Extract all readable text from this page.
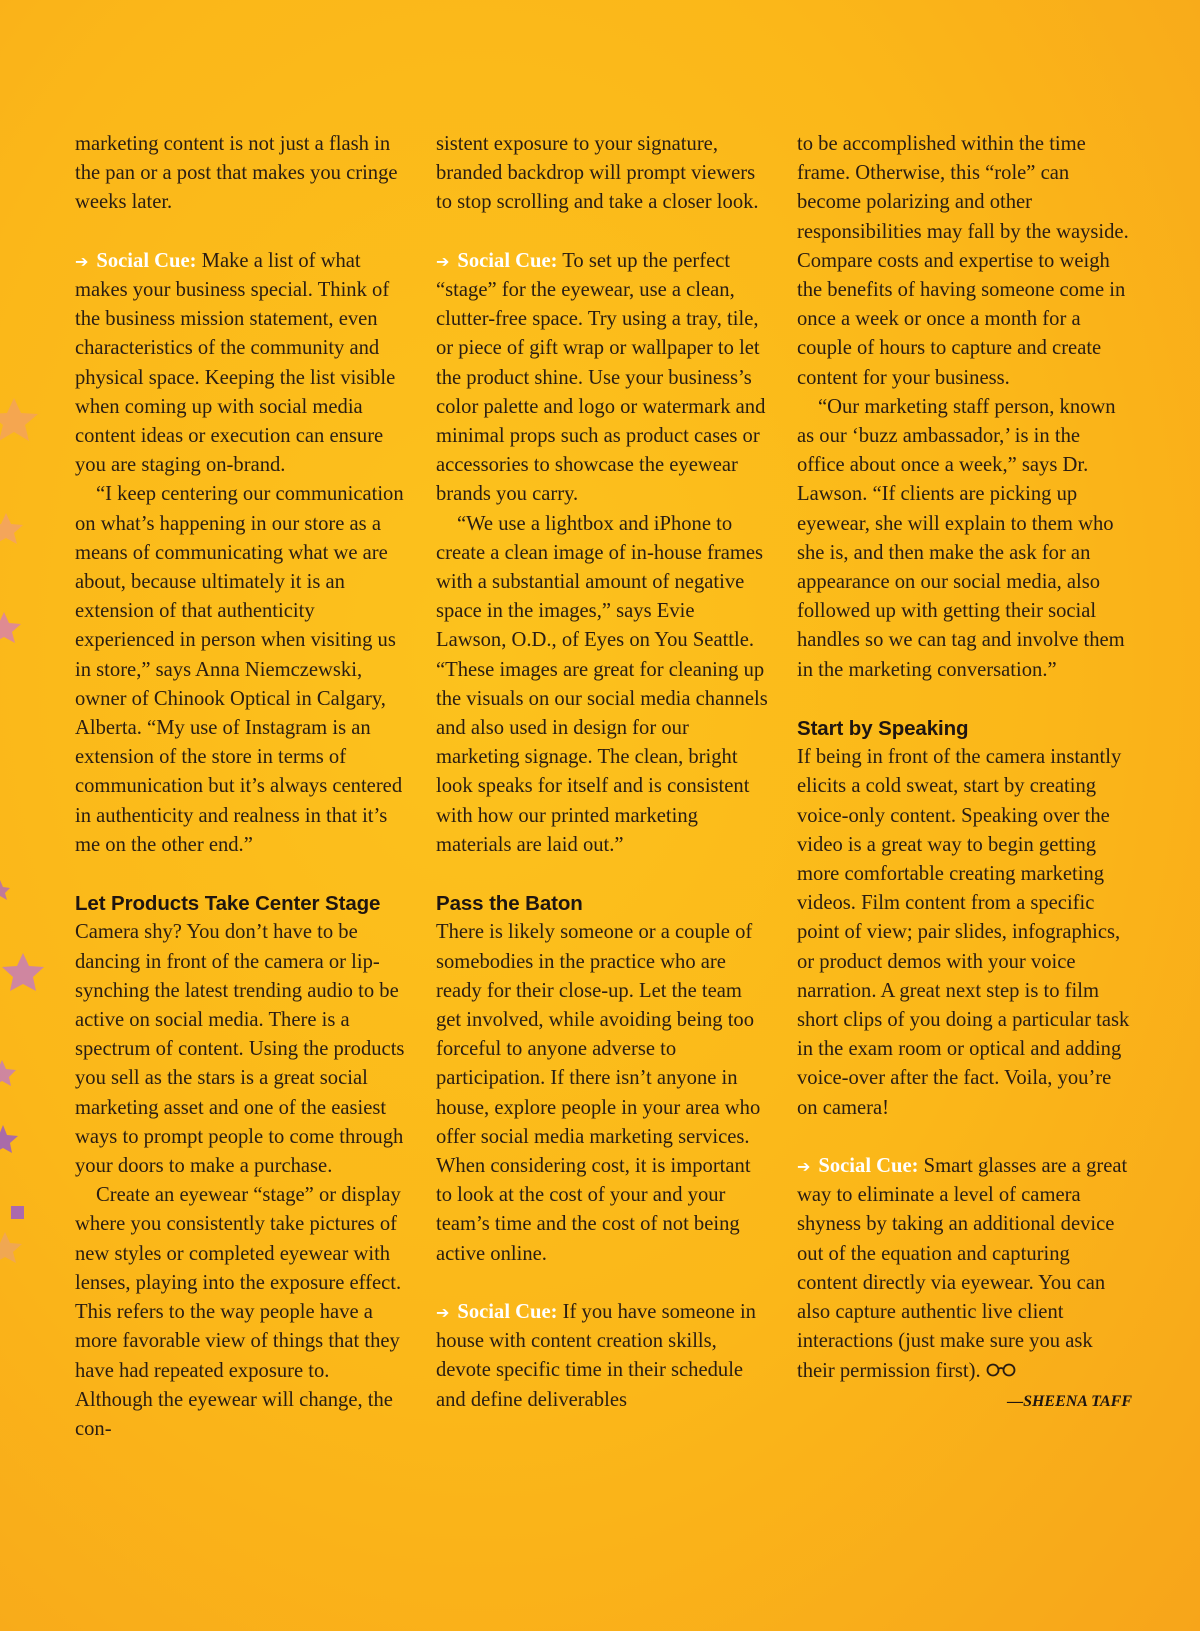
marketing content is not just a flash in the pan or a post that makes you cringe weeks later.

➔ Social Cue: Make a list of what makes your business special. Think of the business mission statement, even characteristics of the community and physical space. Keeping the list visible when coming up with social media content ideas or execution can ensure you are staging on-brand.

“I keep centering our communication on what’s happening in our store as a means of communicating what we are about, because ultimately it is an extension of that authenticity experienced in person when visiting us in store,” says Anna Niemczewski, owner of Chinook Optical in Calgary, Alberta. “My use of Instagram is an extension of the store in terms of communication but it’s always centered in authenticity and realness in that it’s me on the other end.”

Let Products Take Center Stage

Camera shy? You don’t have to be dancing in front of the camera or lip-synching the latest trending audio to be active on social media. There is a spectrum of content. Using the products you sell as the stars is a great social marketing asset and one of the easiest ways to prompt people to come through your doors to make a purchase.

Create an eyewear “stage” or display where you consistently take pictures of new styles or completed eyewear with lenses, playing into the exposure effect. This refers to the way people have a more favorable view of things that they have had repeated exposure to. Although the eyewear will change, the con-

sistent exposure to your signature, branded backdrop will prompt viewers to stop scrolling and take a closer look.

➔ Social Cue: To set up the perfect “stage” for the eyewear, use a clean, clutter-free space. Try using a tray, tile, or piece of gift wrap or wallpaper to let the product shine. Use your business’s color palette and logo or watermark and minimal props such as product cases or accessories to showcase the eyewear brands you carry.

“We use a lightbox and iPhone to create a clean image of in-house frames with a substantial amount of negative space in the images,” says Evie Lawson, O.D., of Eyes on You Seattle. “These images are great for cleaning up the visuals on our social media channels and also used in design for our marketing signage. The clean, bright look speaks for itself and is consistent with how our printed marketing materials are laid out.”

Pass the Baton

There is likely someone or a couple of somebodies in the practice who are ready for their close-up. Let the team get involved, while avoiding being too forceful to anyone adverse to participation. If there isn’t anyone in house, explore people in your area who offer social media marketing services. When considering cost, it is important to look at the cost of your and your team’s time and the cost of not being active online.

➔ Social Cue: If you have someone in house with content creation skills, devote specific time in their schedule and define deliverables

to be accomplished within the time frame. Otherwise, this “role” can become polarizing and other responsibilities may fall by the wayside. Compare costs and expertise to weigh the benefits of having someone come in once a week or once a month for a couple of hours to capture and create content for your business.

“Our marketing staff person, known as our ‘buzz ambassador,’ is in the office about once a week,” says Dr. Lawson. “If clients are picking up eyewear, she will explain to them who she is, and then make the ask for an appearance on our social media, also followed up with getting their social handles so we can tag and involve them in the marketing conversation.”

Start by Speaking

If being in front of the camera instantly elicits a cold sweat, start by creating voice-only content. Speaking over the video is a great way to begin getting more comfortable creating marketing videos. Film content from a specific point of view; pair slides, infographics, or product demos with your voice narration. A great next step is to film short clips of you doing a particular task in the exam room or optical and adding voice-over after the fact. Voila, you’re on camera!

➔ Social Cue: Smart glasses are a great way to eliminate a level of camera shyness by taking an additional device out of the equation and capturing content directly via eyewear. You can also capture authentic live client interactions (just make sure you ask their permission first).

—SHEENA TAFF
